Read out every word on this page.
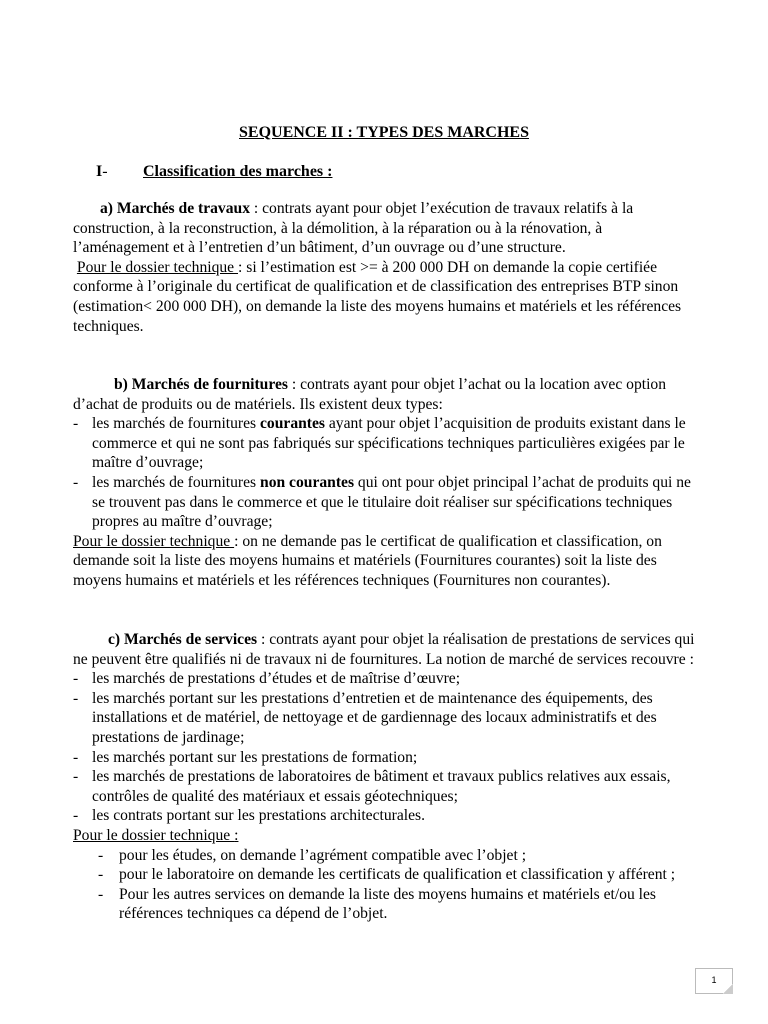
SEQUENCE II : TYPES DES MARCHES
I- Classification des marches :

a) Marchés de travaux : contrats ayant pour objet l’exécution de travaux relatifs à la construction, à la reconstruction, à la démolition, à la réparation ou à la rénovation, à l’aménagement et à l’entretien d’un bâtiment, d’un ouvrage ou d’une structure.

Pour le dossier technique : si l’estimation est >= à 200 000 DH on demande la copie certifiée conforme à l’originale du certificat de qualification et de classification des entreprises BTP sinon (estimation< 200 000 DH), on demande la liste des moyens humains et matériels et les références techniques.

b) Marchés de fournitures : contrats ayant pour objet l’achat ou la location avec option d’achat de produits ou de matériels. Ils existent deux types:

- les marchés de fournitures courantes ayant pour objet l’acquisition de produits existant dans le commerce et qui ne sont pas fabriqués sur spécifications techniques particulières exigées par le maître d’ouvrage;

- les marchés de fournitures non courantes qui ont pour objet principal l’achat de produits qui ne se trouvent pas dans le commerce et que le titulaire doit réaliser sur spécifications techniques propres au maître d’ouvrage;

Pour le dossier technique : on ne demande pas le certificat de qualification et classification, on demande soit la liste des moyens humains et matériels (Fournitures courantes) soit la liste des moyens humains et matériels et les références techniques (Fournitures non courantes).

c) Marchés de services : contrats ayant pour objet la réalisation de prestations de services qui ne peuvent être qualifiés ni de travaux ni de fournitures. La notion de marché de services recouvre :

- les marchés de prestations d’études et de maîtrise d’œuvre;

- les marchés portant sur les prestations d’entretien et de maintenance des équipements, des installations et de matériel, de nettoyage et de gardiennage des locaux administratifs et des prestations de jardinage;

- les marchés portant sur les prestations de formation;

- les marchés de prestations de laboratoires de bâtiment et travaux publics relatives aux essais, contrôles de qualité des matériaux et essais géotechniques;

- les contrats portant sur les prestations architecturales.

Pour le dossier technique :

- pour les études, on demande l’agrément compatible avec l’objet ;

- pour le laboratoire on demande les certificats de qualification et classification y afférent ;

- Pour les autres services on demande la liste des moyens humains et matériels et/ou les références techniques ca dépend de l’objet.

1
